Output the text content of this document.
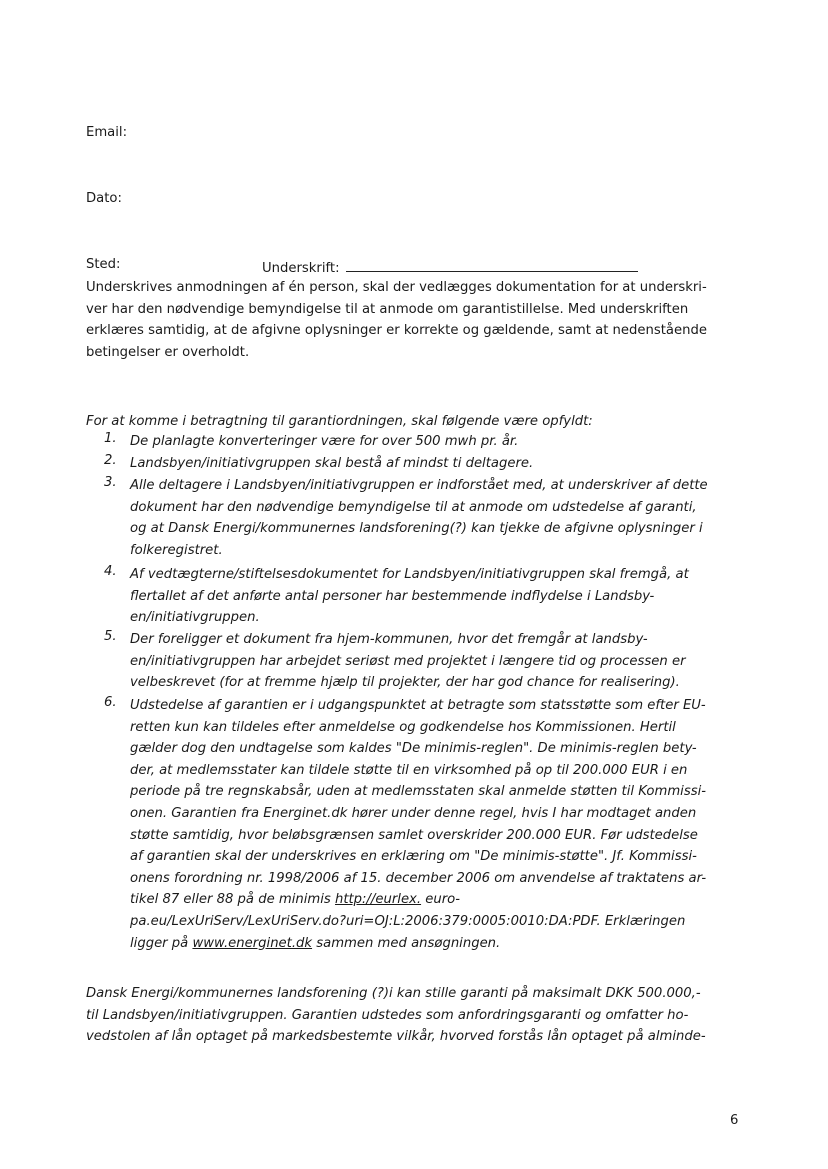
Email:
Dato:
Sted:	Underskrift:
Underskrives anmodningen af én person, skal der vedlægges dokumentation for at underskri-
ver har den nødvendige bemyndigelse til at anmode om garantistillelse. Med underskriften
erklæres samtidig, at de afgivne oplysninger er korrekte og gældende, samt at nedenstående
betingelser er overholdt.
For at komme i betragtning til garantiordningen, skal følgende være opfyldt:
1.	De planlagte konverteringer være for over 500 mwh pr. år.
2.	Landsbyen/initiativgruppen skal bestå af mindst ti deltagere.
3.	Alle deltagere i Landsbyen/initiativgruppen er indforstået med, at underskriver af dette
dokument har den nødvendige bemyndigelse til at anmode om udstedelse af garanti,
og at Dansk Energi/kommunernes landsforening(?) kan tjekke de afgivne oplysninger i
folkeregistret.
4.	Af vedtægterne/stiftelsesdokumentet for Landsbyen/initiativgruppen skal fremgå, at
flertallet af det anførte antal personer har bestemmende indflydelse i Landsby-
en/initiativgruppen.
5.	Der foreligger et dokument fra hjem-kommunen, hvor det fremgår at landsby-
en/initiativgruppen har arbejdet seriøst med projektet i længere tid og processen er
velbeskrevet (for at fremme hjælp til projekter, der har god chance for realisering).
6.	Udstedelse af garantien er i udgangspunktet at betragte som statsstøtte som efter EU-
retten kun kan tildeles efter anmeldelse og godkendelse hos Kommissionen. Hertil
gælder dog den undtagelse som kaldes "De minimis-reglen". De minimis-reglen bety-
der, at medlemsstater kan tildele støtte til en virksomhed på op til 200.000 EUR i en
periode på tre regnskabsår, uden at medlemsstaten skal anmelde støtten til Kommissi-
onen. Garantien fra Energinet.dk hører under denne regel, hvis I har modtaget anden
støtte samtidig, hvor beløbsgrænsen samlet overskrider 200.000 EUR. Før udstedelse
af garantien skal der underskrives en erklæring om "De minimis-støtte". Jf. Kommissi-
onens forordning nr. 1998/2006 af 15. december 2006 om anvendelse af traktatens ar-
tikel 87 eller 88 på de minimis http://eurlex. euro-
pa.eu/LexUriServ/LexUriServ.do?uri=OJ:L:2006:379:0005:0010:DA:PDF. Erklæringen
ligger på www.energinet.dk sammen med ansøgningen.
Dansk Energi/kommunernes landsforening (?)i kan stille garanti på maksimalt DKK 500.000,-
til Landsbyen/initiativgruppen. Garantien udstedes som anfordringsgaranti og omfatter ho-
vedstolen af lån optaget på markedsbestemte vilkår, hvorved forstås lån optaget på alminde-
6
